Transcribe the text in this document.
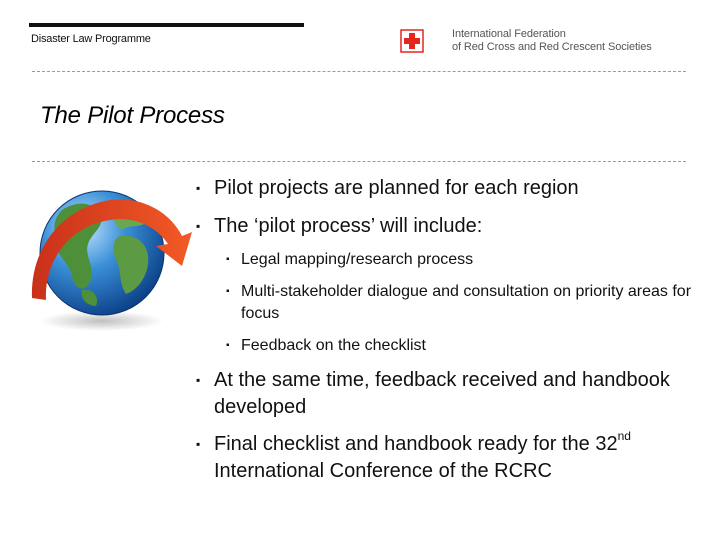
Disaster Law Programme	International Federation
of Red Cross and Red Crescent Societies
The Pilot Process
▪ Pilot projects are planned for each region
▪ The ‘pilot process’ will include:
▪ Legal mapping/research process
▪ Multi-stakeholder dialogue and consultation on priority areas for focus
▪ Feedback on the checklist
▪ At the same time, feedback received and handbook developed
▪ Final checklist and handbook ready for the 32nd
International Conference of the RCRC
